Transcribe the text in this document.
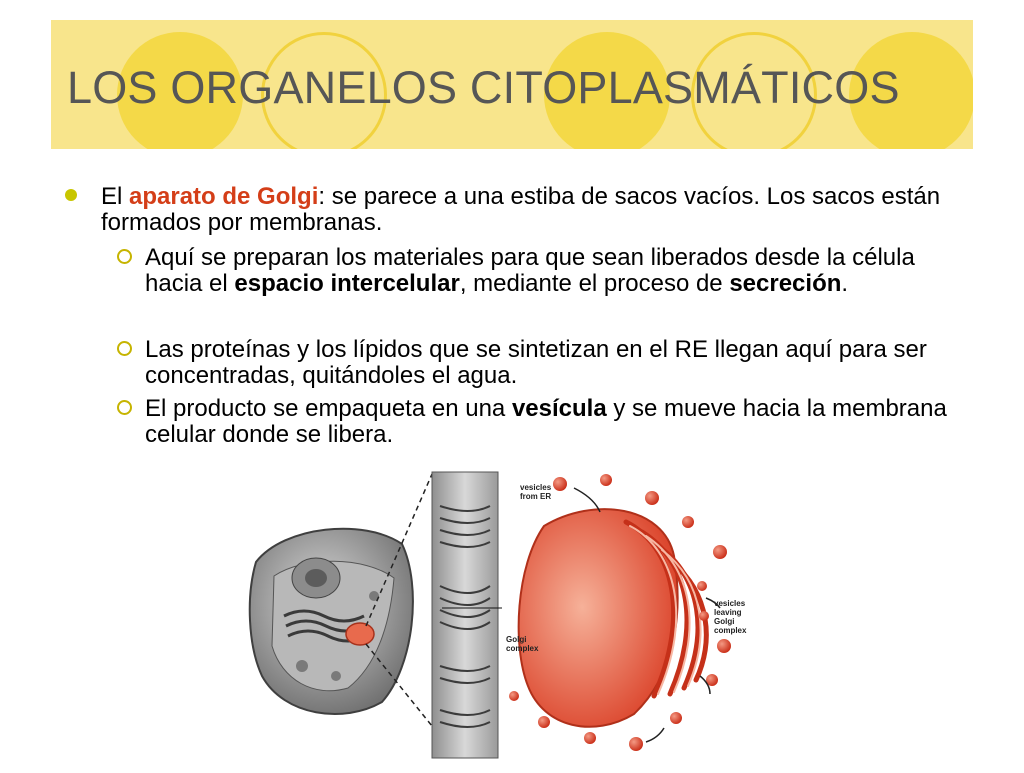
LOS ORGANELOS CITOPLASMÁTICOS
El aparato de Golgi: se parece a una estiba de sacos vacíos. Los sacos están formados por membranas.
Aquí se preparan los materiales para que sean liberados desde la célula hacia el espacio intercelular, mediante el proceso de secreción.
Las proteínas y los lípidos que se sintetizan en el RE llegan aquí para ser concentradas, quitándoles el agua.
El producto se empaqueta en una vesícula y se mueve hacia la membrana celular donde se libera.
vesicles
from ER
vesicles
leaving
Golgi
complex
Golgi
complex
